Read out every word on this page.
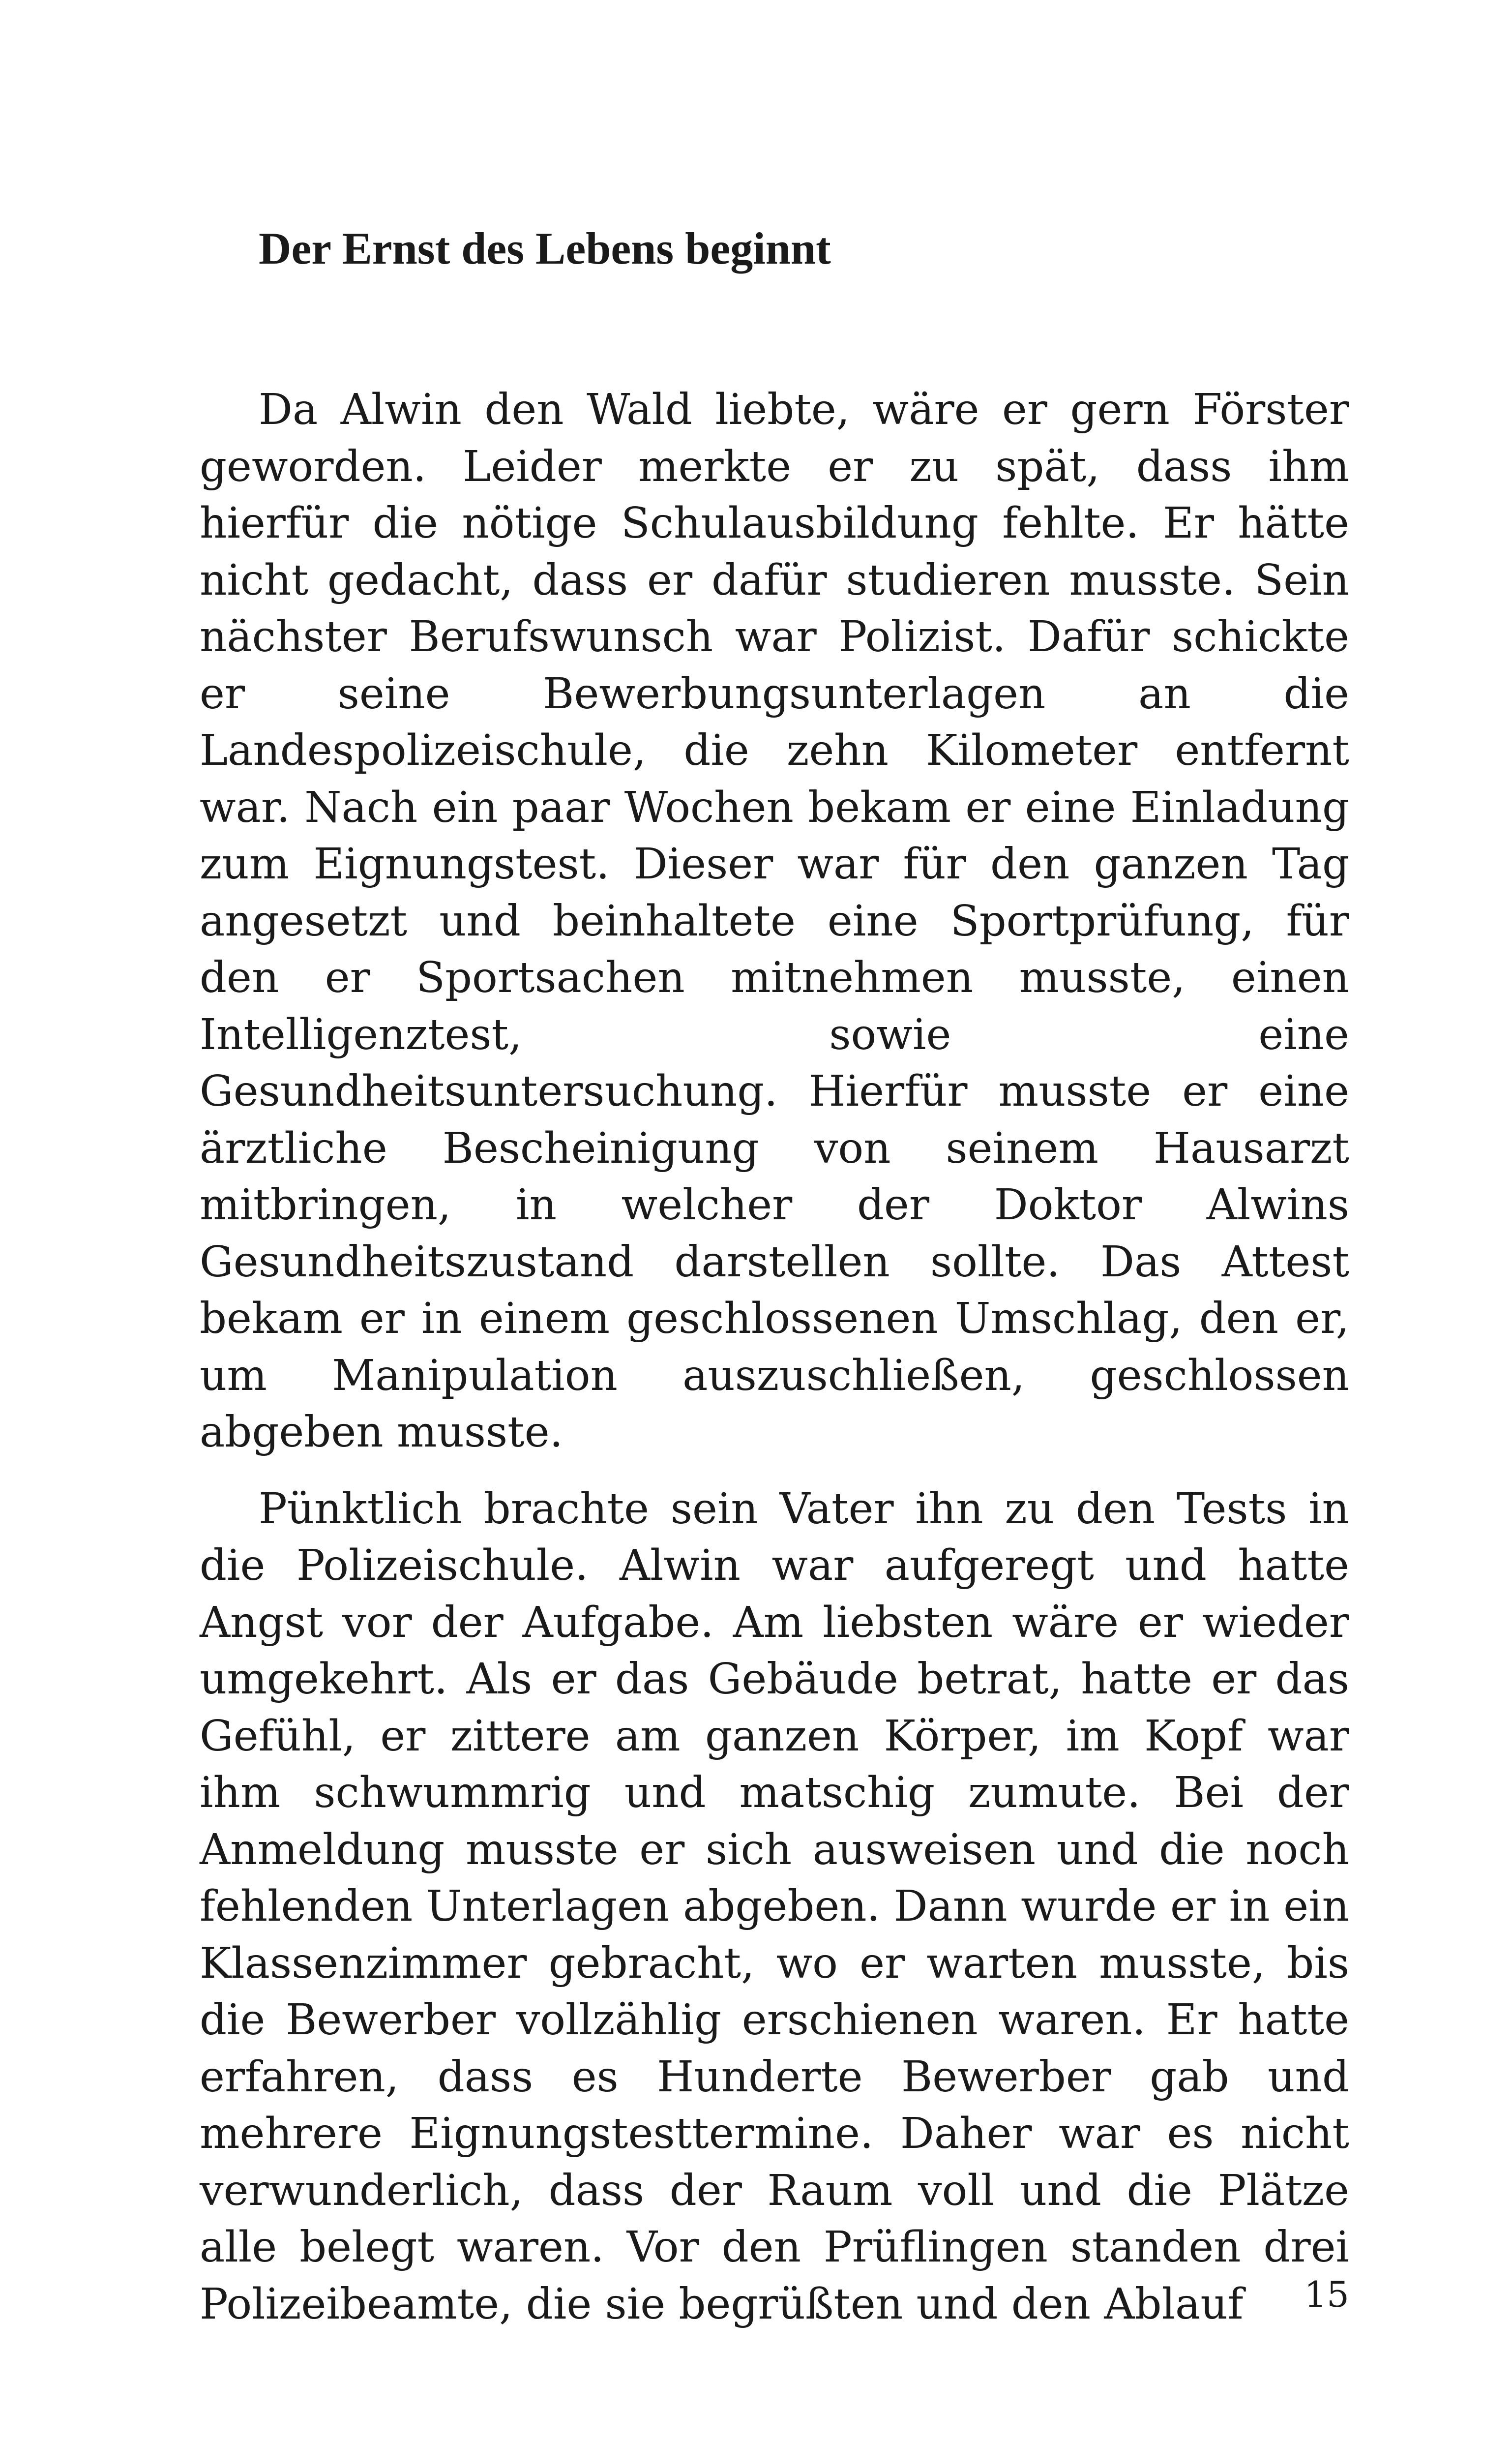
Der Ernst des Lebens beginnt

Da Alwin den Wald liebte, wäre er gern Förster geworden. Leider merkte er zu spät, dass ihm hierfür die nötige Schulausbildung fehlte. Er hätte nicht gedacht, dass er dafür studieren musste. Sein nächster Berufswunsch war Polizist. Dafür schickte er seine Bewerbungsunterlagen an die Landespolizeischule, die zehn Kilometer entfernt war. Nach ein paar Wochen bekam er eine Einladung zum Eignungstest. Dieser war für den ganzen Tag angesetzt und beinhaltete eine Sportprüfung, für den er Sportsachen mitnehmen musste, einen Intelligenztest, sowie eine Gesundheitsuntersuchung. Hierfür musste er eine ärztliche Bescheinigung von seinem Hausarzt mitbringen, in welcher der Doktor Alwins Gesundheitszustand darstellen sollte. Das Attest bekam er in einem geschlossenen Umschlag, den er, um Manipulation auszuschließen, geschlossen abgeben musste.

Pünktlich brachte sein Vater ihn zu den Tests in die Polizeischule. Alwin war aufgeregt und hatte Angst vor der Aufgabe. Am liebsten wäre er wieder umgekehrt. Als er das Gebäude betrat, hatte er das Gefühl, er zittere am ganzen Körper, im Kopf war ihm schwummrig und matschig zumute. Bei der Anmeldung musste er sich ausweisen und die noch fehlenden Unterlagen abgeben. Dann wurde er in ein Klassenzimmer gebracht, wo er warten musste, bis die Bewerber vollzählig erschienen waren. Er hatte erfahren, dass es Hunderte Bewerber gab und mehrere Eignungstesttermine. Daher war es nicht verwunderlich, dass der Raum voll und die Plätze alle belegt waren. Vor den Prüflingen standen drei Polizeibeamte, die sie begrüßten und den Ablauf	15
